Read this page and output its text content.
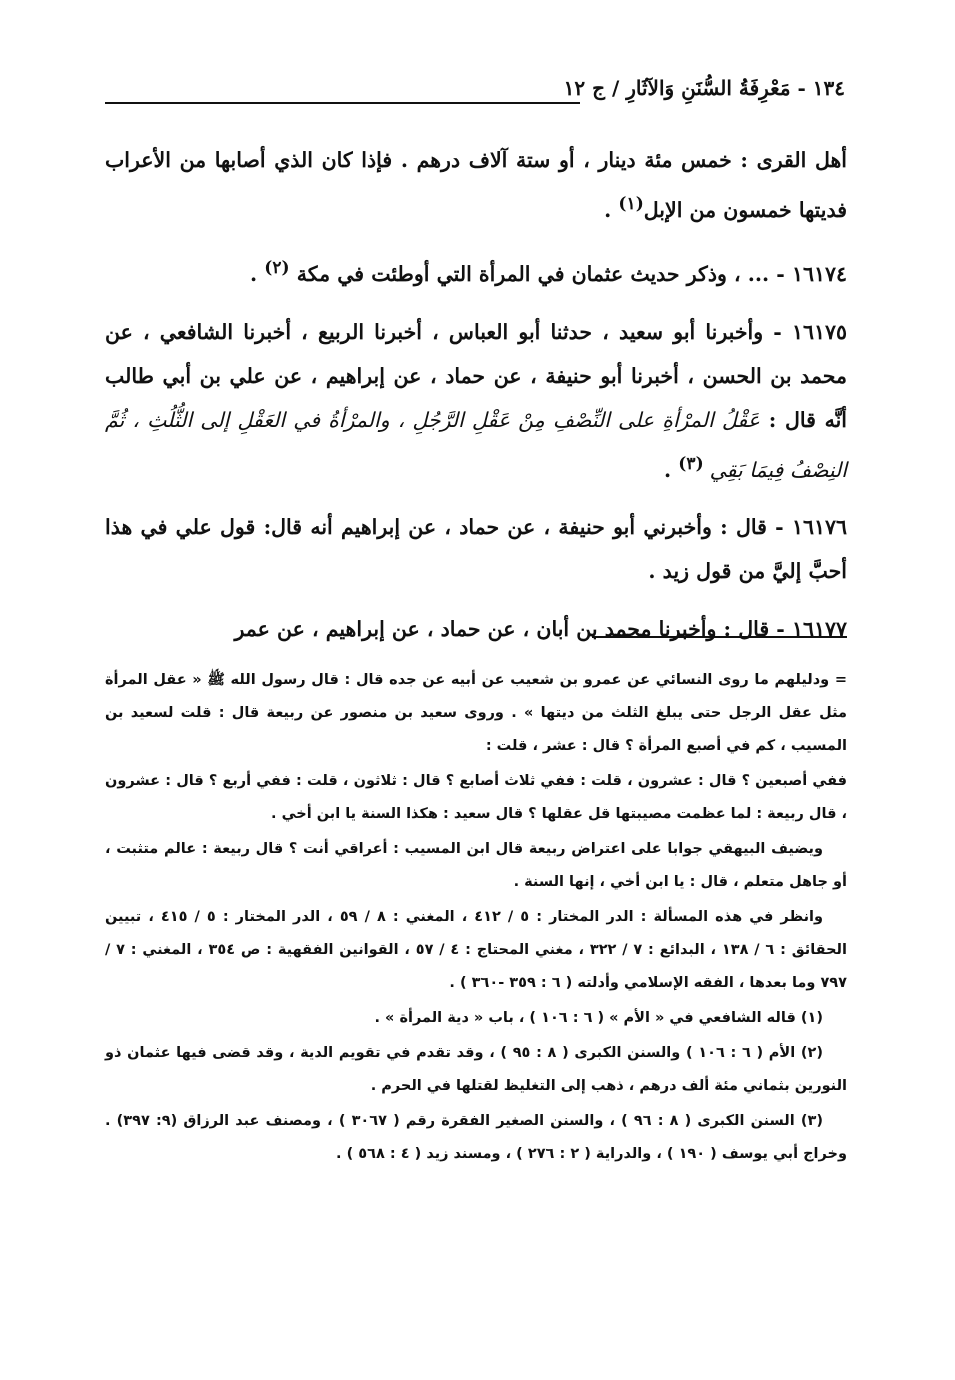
١٣٤ - مَعْرِفَةُ السُّنَنِ وَالآثَارِ / ج ١٢

أهل القرى : خمس مئة دينار ، أو ستة آلاف درهم . فإذا كان الذي أصابها من الأعراب فديتها خمسون من الإبل$^{(١)}$ .

١٦١٧٤ - ... ، وذكر حديث عثمان في المرأة التي أوطئت في مكة $^{(٢)}$ .

١٦١٧٥ - وأخبرنا أبو سعيد ، حدثنا أبو العباس ، أخبرنا الربيع ، أخبرنا الشافعي ، عن محمد بن الحسن ، أخبرنا أبو حنيفة ، عن حماد ، عن إبراهيم ، عن علي بن أبي طالب أنَّه قال : عَقْلُ المرْأةِ على النِّصْفِ مِنْ عَقْلِ الرَّجُلِ ، والمرْأةُ في العَقْلِ إلى الثُّلُثِ ، ثُمَّ النِصْفُ فِيمَا بَقِي $^{(٣)}$ .

١٦١٧٦ - قال : وأخبرني أبو حنيفة ، عن حماد ، عن إبراهيم أنه قال: قول علي في هذا أحبَّ إليَّ من قول زيد .

١٦١٧٧ - قال : وأخبرنا محمد بن أبان ، عن حماد ، عن إبراهيم ، عن عمر

= ودليلهم ما روى النسائي عن عمرو بن شعيب عن أبيه عن جده قال : قال رسول الله ﷺ « عقل المرأة مثل عقل الرجل حتى يبلغ الثلث من ديتها » . وروى سعيد بن منصور عن ربيعة قال : قلت لسعيد بن المسيب ، كم في أصبع المرأة ؟ قال : عشر ، قلت :

ففي أصبعين ؟ قال : عشرون ، قلت : ففي ثلاث أصابع ؟ قال : ثلاثون ، قلت : ففي أربع ؟ قال : عشرون ، قال ربيعة : لما عظمت مصيبتها قل عقلها ؟ قال سعيد : هكذا السنة يا ابن أخي .

ويضيف البيهقي جوابا على اعتراض ربيعة قال ابن المسيب : أعراقي أنت ؟ قال ربيعة : عالم متثبت ، أو جاهل متعلم ، قال : يا ابن أخي ، إنها السنة .

وانظر في هذه المسألة : الدر المختار : ٥ / ٤١٢ ، المغني : ٨ / ٥٩ ، الدر المختار : ٥ / ٤١٥ ، تبيين الحقائق : ٦ / ١٣٨ ، البدائع : ٧ / ٣٢٢ ، مغني المحتاج : ٤ / ٥٧ ، القوانين الفقهية : ص ٣٥٤ ، المغني : ٧ / ٧٩٧ وما بعدها ، الفقه الإسلامي وأدلته ( ٦ : ٣٥٩ -٣٦٠ ) .

(١) قاله الشافعي في « الأم » ( ٦ : ١٠٦ ) ، باب « دية المرأة » .

(٢) الأم ( ٦ : ١٠٦ ) والسنن الكبرى ( ٨ : ٩٥ ) ، وقد تقدم في تقويم الدية ، وقد قضى فيها عثمان ذو النورين بثماني مئة ألف درهم ، ذهب إلى التغليظ لقتلها في الحرم .

(٣) السنن الكبرى ( ٨ : ٩٦ ) ، والسنن الصغير الفقرة رقم ( ٣٠٦٧ ) ، ومصنف عبد الرزاق (٩: ٣٩٧) . وخراج أبي يوسف ( ١٩٠ ) ، والدراية ( ٢ : ٢٧٦ ) ، ومسند زيد ( ٤ : ٥٦٨ ) .
